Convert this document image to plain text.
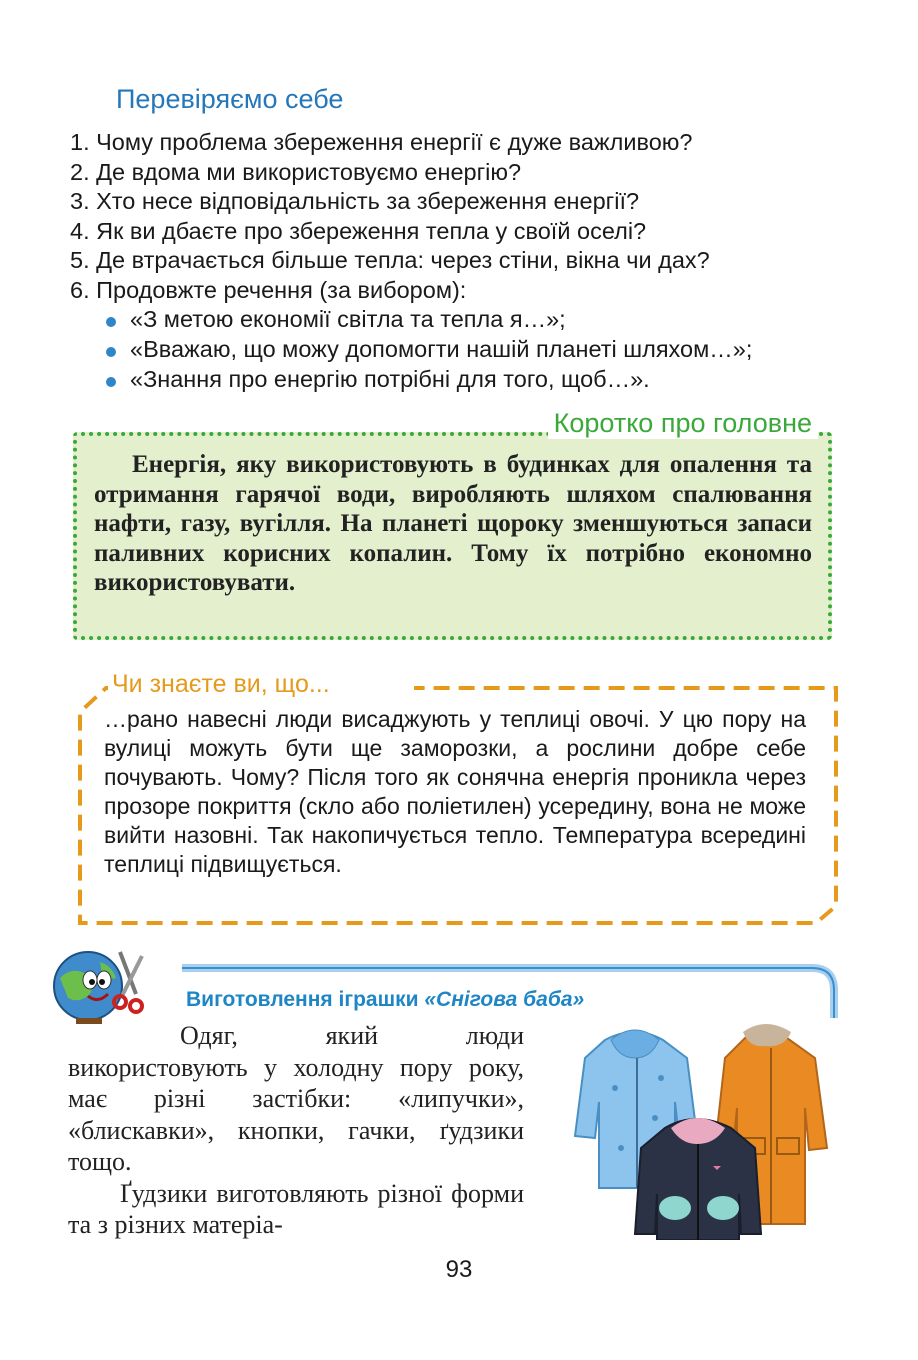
Перевіряємо себе
1. Чому проблема збереження енергії є дуже важливою?
2. Де вдома ми використовуємо енергію?
3. Хто несе відповідальність за збереження енергії?
4. Як ви дбаєте про збереження тепла у своїй оселі?
5. Де втрачається більше тепла: через стіни, вікна чи дах?
6. Продовжте речення (за вибором):
«З метою економії світла та тепла я…»;
«Вважаю, що можу допомогти нашій планеті шляхом…»;
«Знання про енергію потрібні для того, щоб…».
Коротко про головне
Енергія, яку використовують в будинках для опалення та отримання гарячої води, виробляють шляхом спалювання нафти, газу, вугілля. На планеті щороку зменшуються запаси паливних корисних копалин. Тому їх потрібно економно використовувати.
Чи знаєте ви, що...
…рано навесні люди висаджують у теплиці овочі. У цю пору на вулиці можуть бути ще заморозки, а рослини добре себе почувають. Чому? Після того як сонячна енергія проникла через прозоре покриття (скло або поліетилен) усередину, вона не може вийти назовні. Так накопичується тепло. Температура всередині теплиці підвищується.
Виготовлення іграшки «Снігова баба»
Одяг, який люди використовують у холодну пору року, має різні застібки: «липучки», «блискавки», кнопки, гачки, ґудзики тощо.
Ґудзики виготовляють різної форми та з різних матеріа-
93
